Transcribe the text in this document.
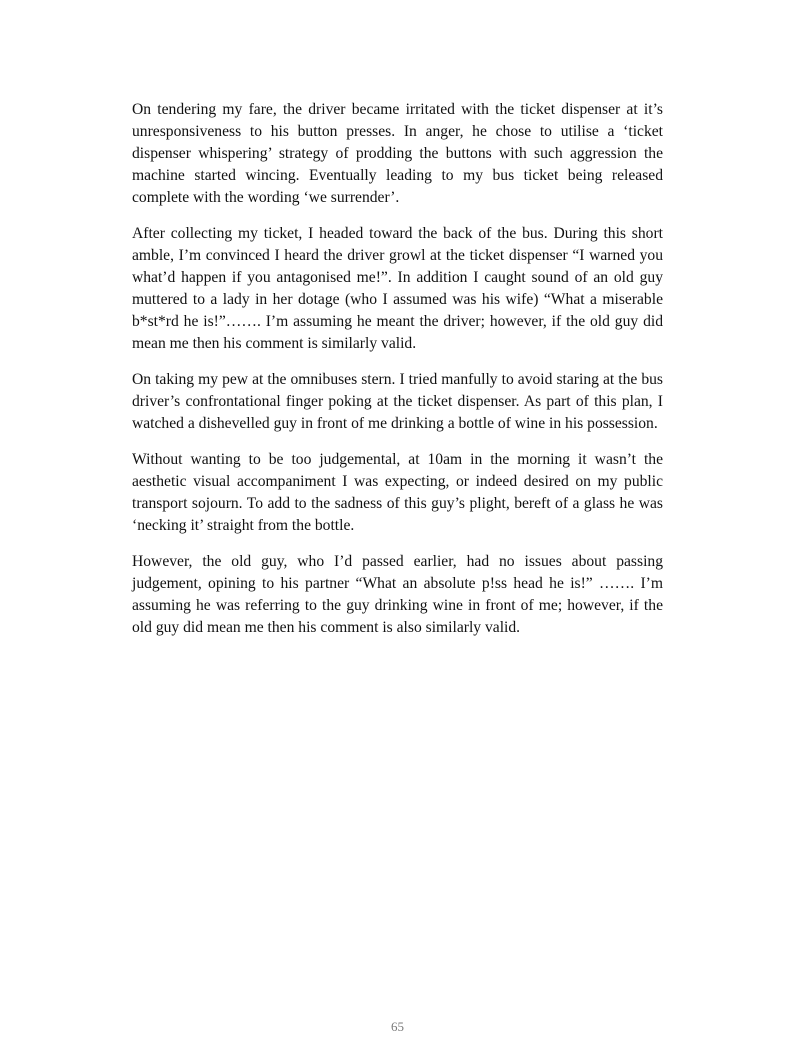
On tendering my fare, the driver became irritated with the ticket dispenser at it’s unresponsiveness to his button presses. In anger, he chose to utilise a ‘ticket dispenser whispering’ strategy of prodding the buttons with such aggression the machine started wincing. Eventually leading to my bus ticket being released complete with the wording ‘we surrender’.

After collecting my ticket, I headed toward the back of the bus. During this short amble, I’m convinced I heard the driver growl at the ticket dispenser “I warned you what’d happen if you antagonised me!”. In addition I caught sound of an old guy muttered to a lady in her dotage (who I assumed was his wife) “What a miserable b*st*rd he is!”……. I’m assuming he meant the driver; however, if the old guy did mean me then his comment is similarly valid.

On taking my pew at the omnibuses stern. I tried manfully to avoid staring at the bus driver’s confrontational finger poking at the ticket dispenser. As part of this plan, I watched a dishevelled guy in front of me drinking a bottle of wine in his possession.

Without wanting to be too judgemental, at 10am in the morning it wasn’t the aesthetic visual accompaniment I was expecting, or indeed desired on my public transport sojourn. To add to the sadness of this guy’s plight, bereft of a glass he was ‘necking it’ straight from the bottle.

However, the old guy, who I’d passed earlier, had no issues about passing judgement, opining to his partner “What an absolute p!ss head he is!” ……. I’m assuming he was referring to the guy drinking wine in front of me; however, if the old guy did mean me then his comment is also similarly valid.

65
